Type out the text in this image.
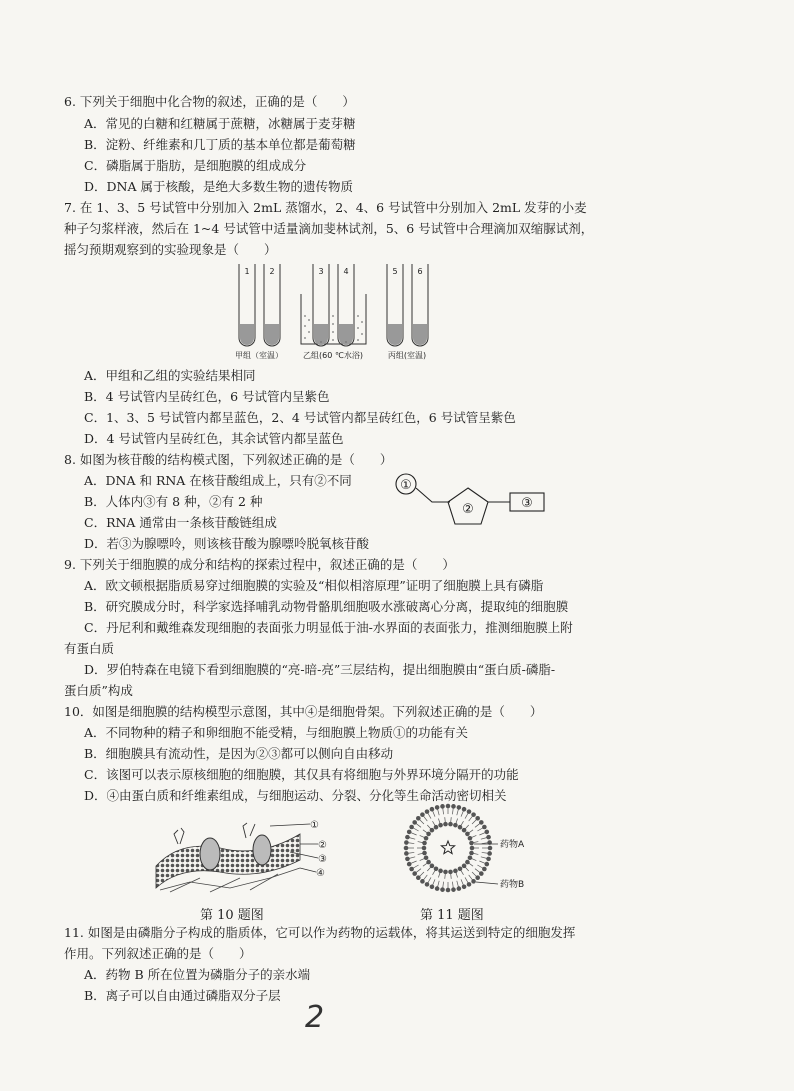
6. 下列关于细胞中化合物的叙述，正确的是（　　）
A．常见的白糖和红糖属于蔗糖，冰糖属于麦芽糖
B．淀粉、纤维素和几丁质的基本单位都是葡萄糖
C．磷脂属于脂肪，是细胞膜的组成成分
D．DNA 属于核酸，是绝大多数生物的遗传物质
7. 在 1、3、5 号试管中分别加入 2mL 蒸馏水，2、4、6 号试管中分别加入 2mL 发芽的小麦
种子匀浆样液，然后在 1~4 号试管中适量滴加斐林试剂，5、6 号试管中合理滴加双缩脲试剂，
摇匀预期观察到的实验现象是（　　）
1 2	3 4	5 6
甲组（室温）	乙组(60 ℃水浴)	丙组(室温)
A．甲组和乙组的实验结果相同
B．4 号试管内呈砖红色，6 号试管内呈紫色
C．1、3、5 号试管内都呈蓝色，2、4 号试管内都呈砖红色，6 号试管呈紫色
D．4 号试管内呈砖红色，其余试管内都呈蓝色
8. 如图为核苷酸的结构模式图，下列叙述正确的是（　　）
A．DNA 和 RNA 在核苷酸组成上，只有②不同
B．人体内③有 8 种，②有 2 种
C．RNA 通常由一条核苷酸链组成
D．若③为腺嘌呤，则该核苷酸为腺嘌呤脱氧核苷酸
①
②	③
9. 下列关于细胞膜的成分和结构的探索过程中，叙述正确的是（　　）
A．欧文顿根据脂质易穿过细胞膜的实验及“相似相溶原理”证明了细胞膜上具有磷脂
B．研究膜成分时，科学家选择哺乳动物骨骼肌细胞吸水涨破离心分离，提取纯的细胞膜
C．丹尼利和戴维森发现细胞的表面张力明显低于油-水界面的表面张力，推测细胞膜上附
有蛋白质
D．罗伯特森在电镜下看到细胞膜的“亮-暗-亮”三层结构，提出细胞膜由“蛋白质-磷脂-
蛋白质”构成
10．如图是细胞膜的结构模型示意图，其中④是细胞骨架。下列叙述正确的是（　　）
A．不同物种的精子和卵细胞不能受精，与细胞膜上物质①的功能有关
B．细胞膜具有流动性，是因为②③都可以侧向自由移动
C．该图可以表示原核细胞的细胞膜，其仅具有将细胞与外界环境分隔开的功能
D．④由蛋白质和纤维素组成，与细胞运动、分裂、分化等生命活动密切相关
①
②
③
④
第 10 题图
药物A
药物B
第 11 题图
11. 如图是由磷脂分子构成的脂质体，它可以作为药物的运载体，将其运送到特定的细胞发挥
作用。下列叙述正确的是（　　）
A．药物 B 所在位置为磷脂分子的亲水端
B．离子可以自由通过磷脂双分子层
2
